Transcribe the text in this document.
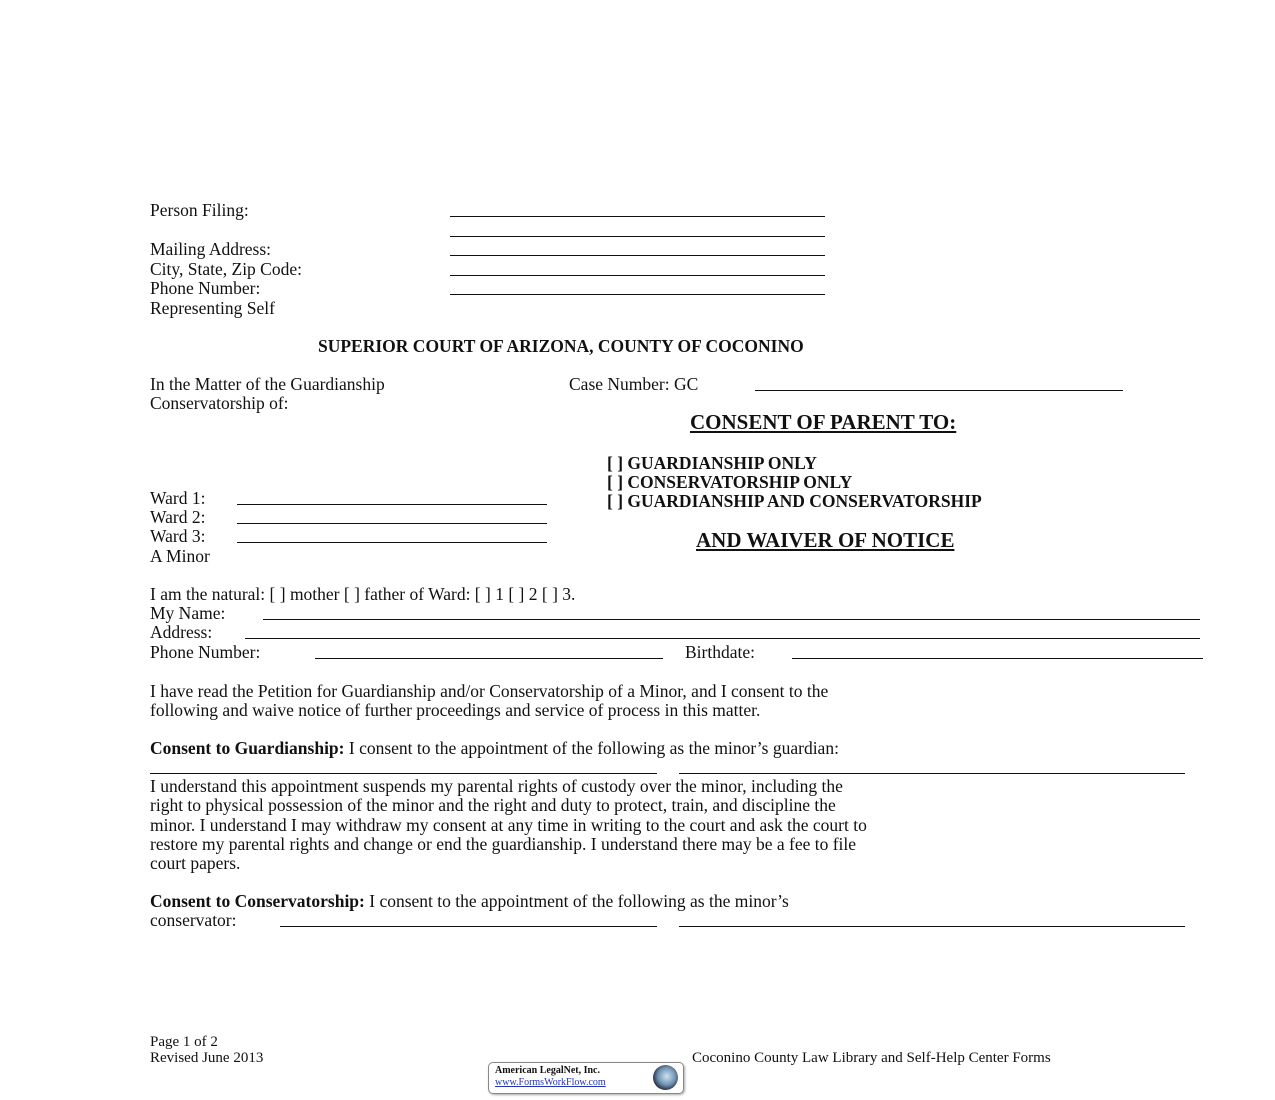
Person Filing:
Mailing Address:
City, State, Zip Code:
Phone Number:
Representing Self
SUPERIOR COURT OF ARIZONA, COUNTY OF COCONINO
In the Matter of the Guardianship
Conservatorship of:
Case Number: GC
CONSENT OF PARENT TO:
[ ] GUARDIANSHIP ONLY
[ ] CONSERVATORSHIP ONLY
[ ] GUARDIANSHIP AND CONSERVATORSHIP
AND WAIVER OF NOTICE
Ward 1:
Ward 2:
Ward 3:
A Minor
I am the natural: [ ] mother [ ] father of Ward: [ ] 1 [ ] 2 [ ] 3.
My Name:
Address:
Phone Number:	Birthdate:
I have read the Petition for Guardianship and/or Conservatorship of a Minor, and I consent to the
following and waive notice of further proceedings and service of process in this matter.
Consent to Guardianship: I consent to the appointment of the following as the minor’s guardian:
I understand this appointment suspends my parental rights of custody over the minor, including the
right to physical possession of the minor and the right and duty to protect, train, and discipline the
minor. I understand I may withdraw my consent at any time in writing to the court and ask the court to
restore my parental rights and change or end the guardianship. I understand there may be a fee to file
court papers.
Consent to Conservatorship: I consent to the appointment of the following as the minor’s
conservator:
Page 1 of 2
Revised June 2013	Coconino County Law Library and Self-Help Center Forms
American LegalNet, Inc.
www.FormsWorkFlow.com
